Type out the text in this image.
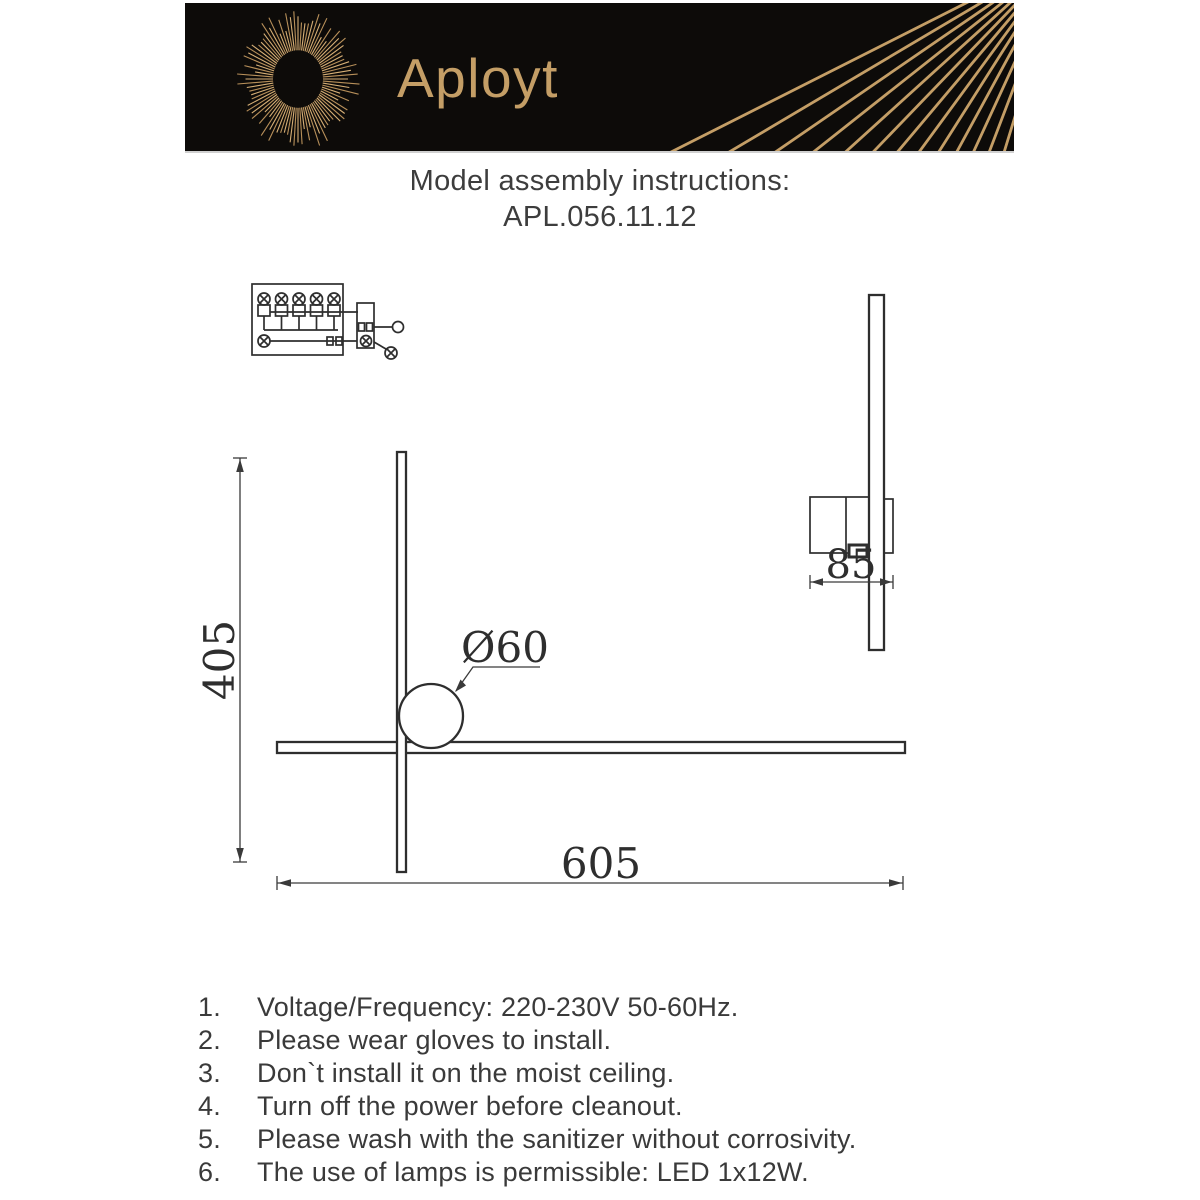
Aployt
Model assembly instructions:
APL.056.11.12
85
Ø60
405
605
1.	Voltage/Frequency: 220-230V 50-60Hz.
2.	Please wear gloves to install.
3.	Don`t install it on the moist ceiling.
4.	Turn off the power before cleanout.
5.	Please wash with the sanitizer without corrosivity.
6.	The use of lamps is permissible: LED 1x12W.
